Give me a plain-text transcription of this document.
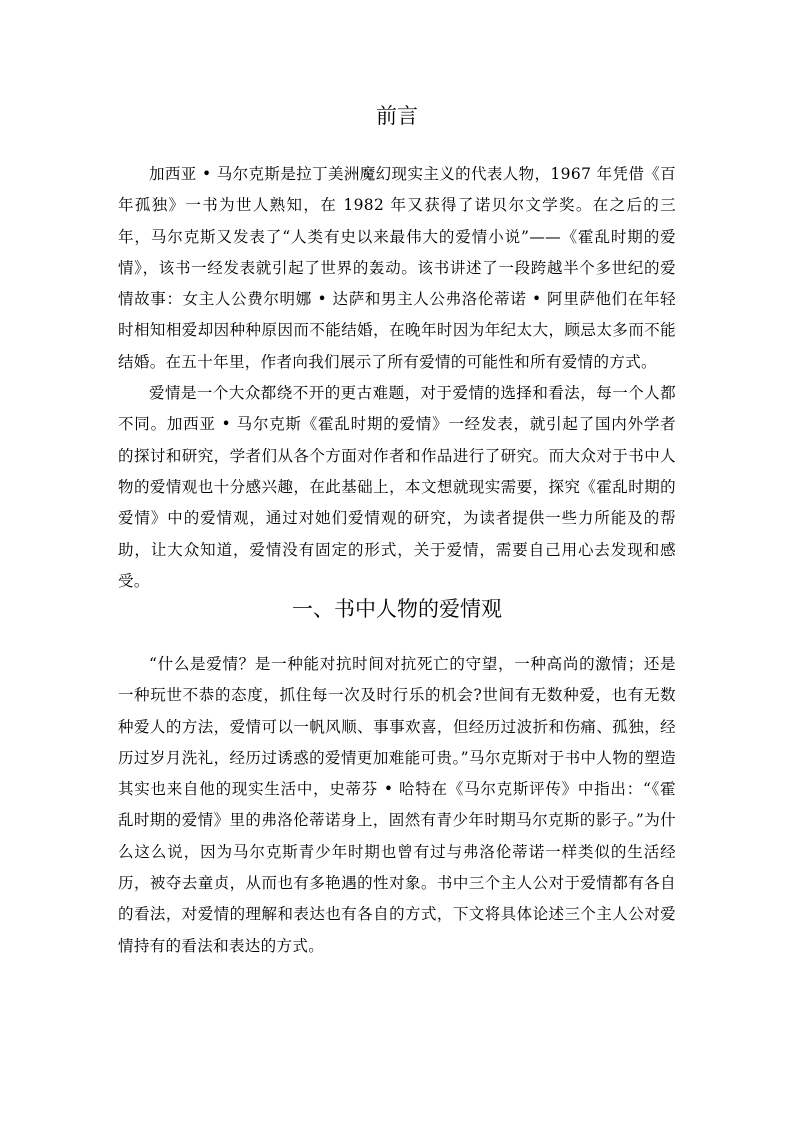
前言

加西亚 • 马尔克斯是拉丁美洲魔幻现实主义的代表人物，1967 年凭借《百年孤独》一书为世人熟知，在 1982 年又获得了诺贝尔文学奖。在之后的三年，马尔克斯又发表了“人类有史以来最伟大的爱情小说”——《霍乱时期的爱情》，该书一经发表就引起了世界的轰动。该书讲述了一段跨越半个多世纪的爱情故事：女主人公费尔明娜 • 达萨和男主人公弗洛伦蒂诺 • 阿里萨他们在年轻时相知相爱却因种种原因而不能结婚，在晚年时因为年纪太大，顾忌太多而不能结婚。在五十年里，作者向我们展示了所有爱情的可能性和所有爱情的方式。

爱情是一个大众都绕不开的更古难题，对于爱情的选择和看法，每一个人都不同。加西亚 • 马尔克斯《霍乱时期的爱情》一经发表，就引起了国内外学者的探讨和研究，学者们从各个方面对作者和作品进行了研究。而大众对于书中人物的爱情观也十分感兴趣，在此基础上，本文想就现实需要，探究《霍乱时期的爱情》中的爱情观，通过对她们爱情观的研究，为读者提供一些力所能及的帮助，让大众知道，爱情没有固定的形式，关于爱情，需要自己用心去发现和感受。

一、书中人物的爱情观

“什么是爱情？是一种能对抗时间对抗死亡的守望，一种高尚的激情；还是一种玩世不恭的态度，抓住每一次及时行乐的机会?世间有无数种爱，也有无数种爱人的方法，爱情可以一帆风顺、事事欢喜，但经历过波折和伤痛、孤独，经历过岁月洗礼，经历过诱惑的爱情更加难能可贵。”马尔克斯对于书中人物的塑造其实也来自他的现实生活中，史蒂芬 • 哈特在《马尔克斯评传》中指出：“《霍乱时期的爱情》里的弗洛伦蒂诺身上，固然有青少年时期马尔克斯的影子。”为什么这么说，因为马尔克斯青少年时期也曾有过与弗洛伦蒂诺一样类似的生活经历，被夺去童贞，从而也有多艳遇的性对象。书中三个主人公对于爱情都有各自的看法，对爱情的理解和表达也有各自的方式，下文将具体论述三个主人公对爱情持有的看法和表达的方式。
